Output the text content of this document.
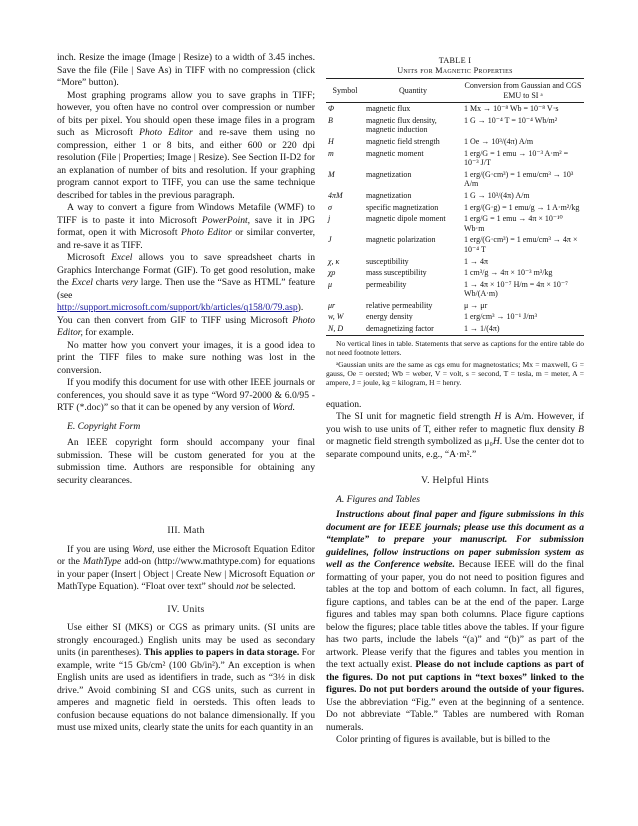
inch. Resize the image (Image | Resize) to a width of 3.45 inches. Save the file (File | Save As) in TIFF with no compression (click “More” button).

Most graphing programs allow you to save graphs in TIFF; however, you often have no control over compression or number of bits per pixel. You should open these image files in a program such as Microsoft Photo Editor and re-save them using no compression, either 1 or 8 bits, and either 600 or 220 dpi resolution (File | Properties; Image | Resize). See Section II-D2 for an explanation of number of bits and resolution. If your graphing program cannot export to TIFF, you can use the same technique described for tables in the previous paragraph.

A way to convert a figure from Windows Metafile (WMF) to TIFF is to paste it into Microsoft PowerPoint, save it in JPG format, open it with Microsoft Photo Editor or similar converter, and re-save it as TIFF.

Microsoft Excel allows you to save spreadsheet charts in Graphics Interchange Format (GIF). To get good resolution, make the Excel charts very large. Then use the “Save as HTML” feature (see http://support.microsoft.com/support/kb/articles/q158/0/79.asp). You can then convert from GIF to TIFF using Microsoft Photo Editor, for example.

No matter how you convert your images, it is a good idea to print the TIFF files to make sure nothing was lost in the conversion.

If you modify this document for use with other IEEE journals or conferences, you should save it as type “Word 97-2000 & 6.0/95 - RTF (*.doc)” so that it can be opened by any version of Word.

E. Copyright Form

An IEEE copyright form should accompany your final submission. These will be custom generated for you at the submission time. Authors are responsible for obtaining any security clearances.

III. Math

If you are using Word, use either the Microsoft Equation Editor or the MathType add-on (http://www.mathtype.com) for equations in your paper (Insert | Object | Create New | Microsoft Equation or MathType Equation). “Float over text” should not be selected.

IV. Units

Use either SI (MKS) or CGS as primary units. (SI units are strongly encouraged.) English units may be used as secondary units (in parentheses). This applies to papers in data storage. For example, write “15 Gb/cm² (100 Gb/in²).” An exception is when English units are used as identifiers in trade, such as “3½ in disk drive.” Avoid combining SI and CGS units, such as current in amperes and magnetic field in oersteds. This often leads to confusion because equations do not balance dimensionally. If you must use mixed units, clearly state the units for each quantity in an

TABLE I

Units for Magnetic Properties

Symbol	Quantity	Conversion from Gaussian and CGS EMU to SI ᵃ
Φ	magnetic flux	1 Mx → 10⁻⁸ Wb = 10⁻⁸ V·s
B	magnetic flux density, magnetic induction	1 G → 10⁻⁴ T = 10⁻⁴ Wb/m²
H	magnetic field strength	1 Oe → 10³/(4π) A/m
m	magnetic moment	1 erg/G = 1 emu → 10⁻³ A·m² = 10⁻³ J/T
M	magnetization	1 erg/(G·cm³) = 1 emu/cm³ → 10³ A/m
4πM	magnetization	1 G → 10³/(4π) A/m
σ	specific magnetization	1 erg/(G·g) = 1 emu/g → 1 A·m²/kg
j	magnetic dipole moment	1 erg/G = 1 emu → 4π × 10⁻¹⁰ Wb·m
J	magnetic polarization	1 erg/(G·cm³) = 1 emu/cm³ → 4π × 10⁻⁴ T
χ, κ	susceptibility	1 → 4π
χρ	mass susceptibility	1 cm³/g → 4π × 10⁻³ m³/kg
μ	permeability	1 → 4π × 10⁻⁷ H/m = 4π × 10⁻⁷ Wb/(A·m)
μr	relative permeability	μ → μr
w, W	energy density	1 erg/cm³ → 10⁻¹ J/m³
N, D	demagnetizing factor	1 → 1/(4π)

No vertical lines in table. Statements that serve as captions for the entire table do not need footnote letters.

ᵃGaussian units are the same as cgs emu for magnetostatics; Mx = maxwell, G = gauss, Oe = oersted; Wb = weber, V = volt, s = second, T = tesla, m = meter, A = ampere, J = joule, kg = kilogram, H = henry.

equation.

The SI unit for magnetic field strength H is A/m. However, if you wish to use units of T, either refer to magnetic flux density B or magnetic field strength symbolized as μ₀H. Use the center dot to separate compound units, e.g., “A·m².”

V. Helpful Hints

A. Figures and Tables

Instructions about final paper and figure submissions in this document are for IEEE journals; please use this document as a “template” to prepare your manuscript. For submission guidelines, follow instructions on paper submission system as well as the Conference website. Because IEEE will do the final formatting of your paper, you do not need to position figures and tables at the top and bottom of each column. In fact, all figures, figure captions, and tables can be at the end of the paper. Large figures and tables may span both columns. Place figure captions below the figures; place table titles above the tables. If your figure has two parts, include the labels “(a)” and “(b)” as part of the artwork. Please verify that the figures and tables you mention in the text actually exist. Please do not include captions as part of the figures. Do not put captions in “text boxes” linked to the figures. Do not put borders around the outside of your figures. Use the abbreviation “Fig.” even at the beginning of a sentence. Do not abbreviate “Table.” Tables are numbered with Roman numerals.

Color printing of figures is available, but is billed to the
